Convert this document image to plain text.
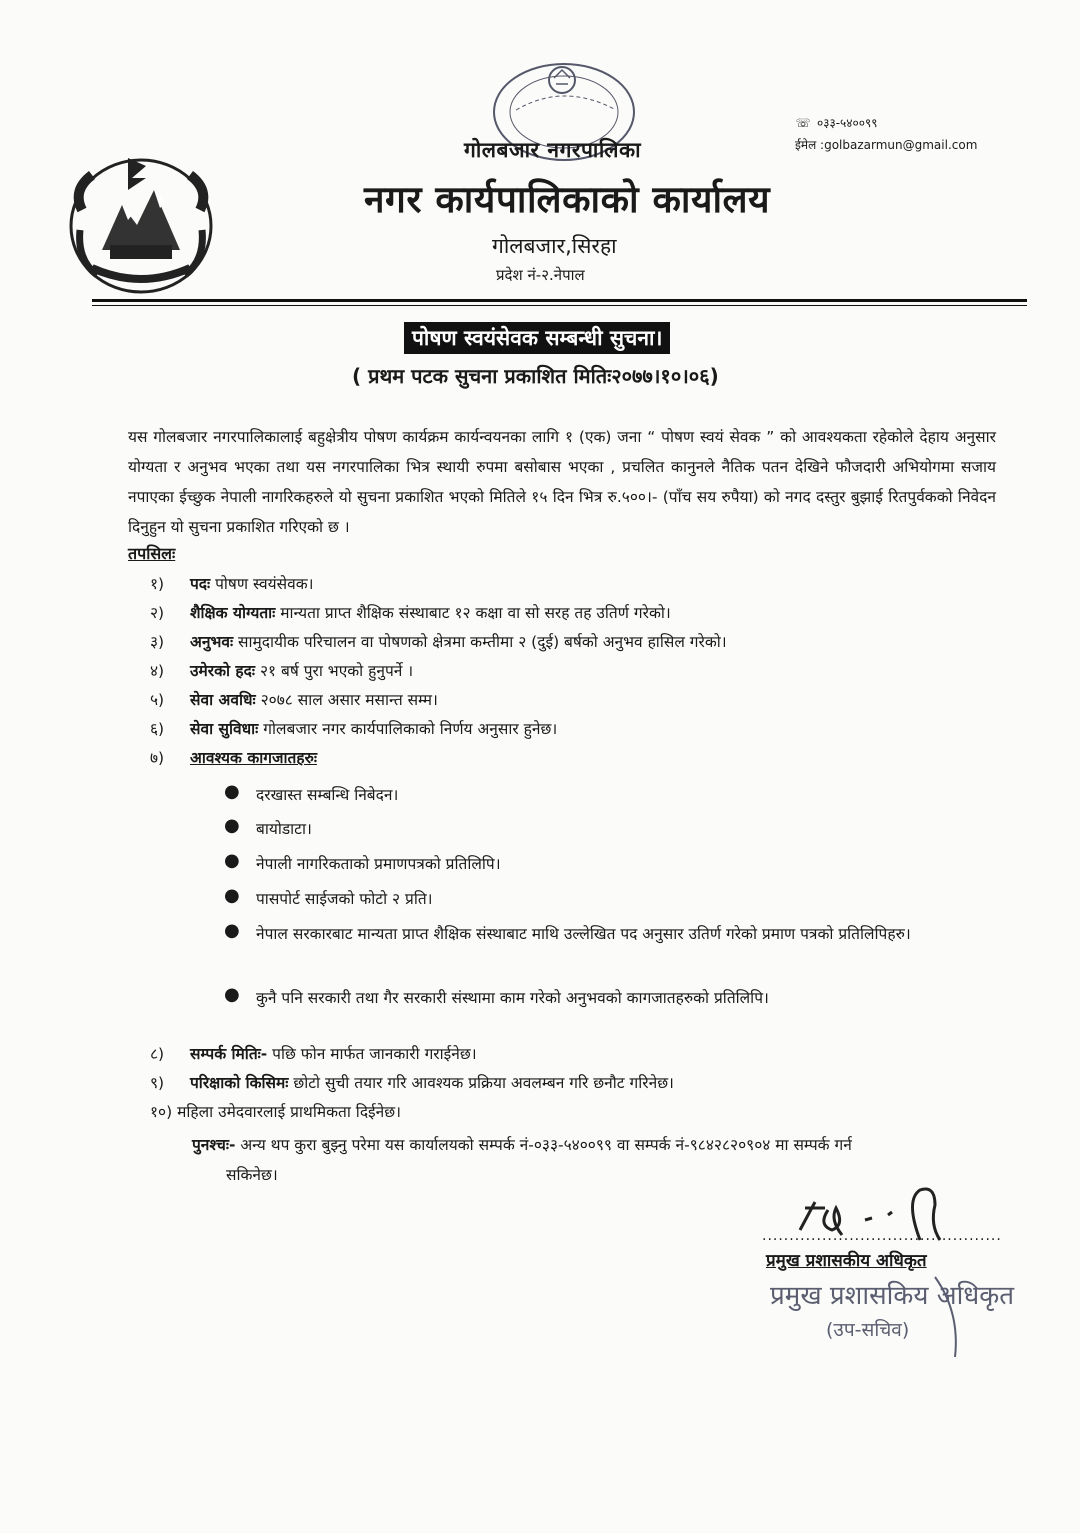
गोलबजार नगरपालिका
नगर कार्यपालिकाको कार्यालय
गोलबजार,सिरहा
प्रदेश नं-२.नेपाल
☏ ०३३-५४००९९
ईमेल :golbazarmun@gmail.com
पोषण स्वयंसेवक सम्बन्धी सुचना।
( प्रथम पटक सुचना प्रकाशित मितिः२०७७।१०।०६)
यस गोलबजार नगरपालिकालाई बहुक्षेत्रीय पोषण कार्यक्रम कार्यन्वयनका लागि १ (एक) जना “ पोषण स्वयं सेवक ” को आवश्यकता रहेकोले देहाय अनुसार योग्यता र अनुभव भएका तथा यस नगरपालिका भित्र स्थायी रुपमा बसोबास भएका , प्रचलित कानुनले नैतिक पतन देखिने फौजदारी अभियोगमा सजाय नपाएका ईच्छुक नेपाली नागरिकहरुले यो सुचना प्रकाशित भएको मितिले १५ दिन भित्र रु.५००।- (पाँच सय रुपैया) को नगद दस्तुर बुझाई रितपुर्वकको निवेदन दिनुहुन यो सुचना प्रकाशित गरिएको छ ।
तपसिलः
१) पदः पोषण स्वयंसेवक।
२) शैक्षिक योग्यताः मान्यता प्राप्त शैक्षिक संस्थाबाट १२ कक्षा वा सो सरह तह उतिर्ण गरेको।
३) अनुभवः सामुदायीक परिचालन वा पोषणको क्षेत्रमा कम्तीमा २ (दुई) बर्षको अनुभव हासिल गरेको।
४) उमेरको हदः २१ बर्ष पुरा भएको हुनुपर्ने ।
५) सेवा अवधिः २०७८ साल असार मसान्त सम्म।
६) सेवा सुविधाः गोलबजार नगर कार्यपालिकाको निर्णय अनुसार हुनेछ।
७) आवश्यक कागजातहरुः
● दरखास्त सम्बन्धि निबेदन।
● बायोडाटा।
● नेपाली नागरिकताको प्रमाणपत्रको प्रतिलिपि।
● पासपोर्ट साईजको फोटो २ प्रति।
● नेपाल सरकारबाट मान्यता प्राप्त शैक्षिक संस्थाबाट माथि उल्लेखित पद अनुसार उतिर्ण गरेको प्रमाण पत्रको प्रतिलिपिहरु।
● कुनै पनि सरकारी तथा गैर सरकारी संस्थामा काम गरेको अनुभवको कागजातहरुको प्रतिलिपि।
८) सम्पर्क मितिः- पछि फोन मार्फत जानकारी गराईनेछ।
९) परिक्षाको किसिमः छोटो सुची तयार गरि आवश्यक प्रक्रिया अवलम्बन गरि छनौट गरिनेछ।
१०) महिला उमेदवारलाई प्राथमिकता दिईनेछ।
पुनश्चः- अन्य थप कुरा बुझ्नु परेमा यस कार्यालयको सम्पर्क नं-०३३-५४००९९ वा सम्पर्क नं-९८४२८२०९०४ मा सम्पर्क गर्न
सकिनेछ।
............................................
प्रमुख प्रशासकीय अधिकृत
प्रमुख प्रशासकिय अधिकृत
(उप-सचिव)
